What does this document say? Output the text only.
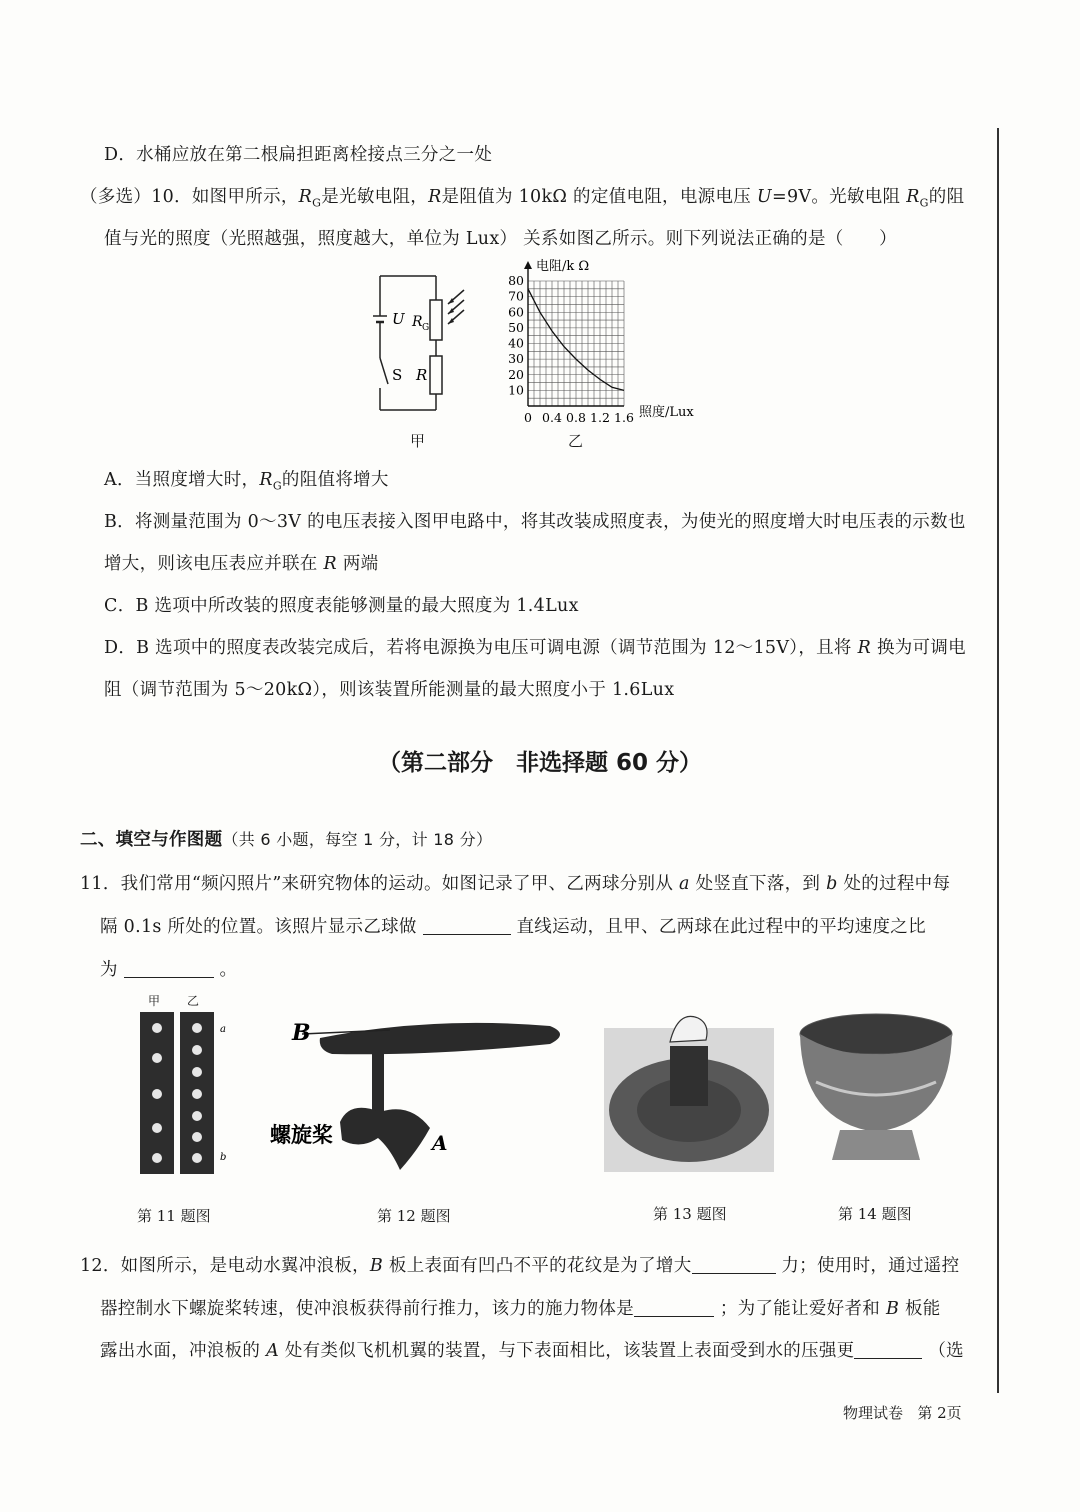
D．水桶应放在第二根扁担距离栓接点三分之一处
（多选）10．如图甲所示，$R_G$是光敏电阻，R是阻值为 10kΩ 的定值电阻，电源电压 U=9V。光敏电阻 $R_G$的阻
值与光的照度（光照越强，照度越大，单位为 Lux） 关系如图乙所示。则下列说法正确的是（　　）
U R G
S R
甲
10
20
30
40
50
60
70
80
0 0.4 0.8 1.2 1.6
电阻/k Ω
照度/Lux
乙
A．当照度增大时，$R_G$的阻值将增大
B．将测量范围为 0～3V 的电压表接入图甲电路中，将其改装成照度表，为使光的照度增大时电压表的示数也
增大，则该电压表应并联在 R 两端
C．B 选项中所改装的照度表能够测量的最大照度为 1.4Lux
D．B 选项中的照度表改装完成后，若将电源换为电压可调电源（调节范围为 12～15V），且将 R 换为可调电
阻（调节范围为 5～20kΩ），则该装置所能测量的最大照度小于 1.6Lux
（第二部分　非选择题 60 分）
二、填空与作图题（共 6 小题，每空 1 分，计 18 分）
11．我们常用“频闪照片”来研究物体的运动。如图记录了甲、乙两球分别从 a 处竖直下落，到 b 处的过程中每
隔 0.1s 所处的位置。该照片显示乙球做	直线运动，且甲、乙两球在此过程中的平均速度之比
为	。
甲 乙
a
b
第 11 题图
B
A
螺旋桨
第 12 题图	第 13 题图	第 14 题图
12．如图所示，是电动水翼冲浪板，B 板上表面有凹凸不平的花纹是为了增大	力；使用时，通过遥控
器控制水下螺旋桨转速，使冲浪板获得前行推力，该力的施力物体是	；为了能让爱好者和 B 板能
露出水面，冲浪板的 A 处有类似飞机机翼的装置，与下表面相比，该装置上表面受到水的压强更	（选
物理试卷 第 2页
